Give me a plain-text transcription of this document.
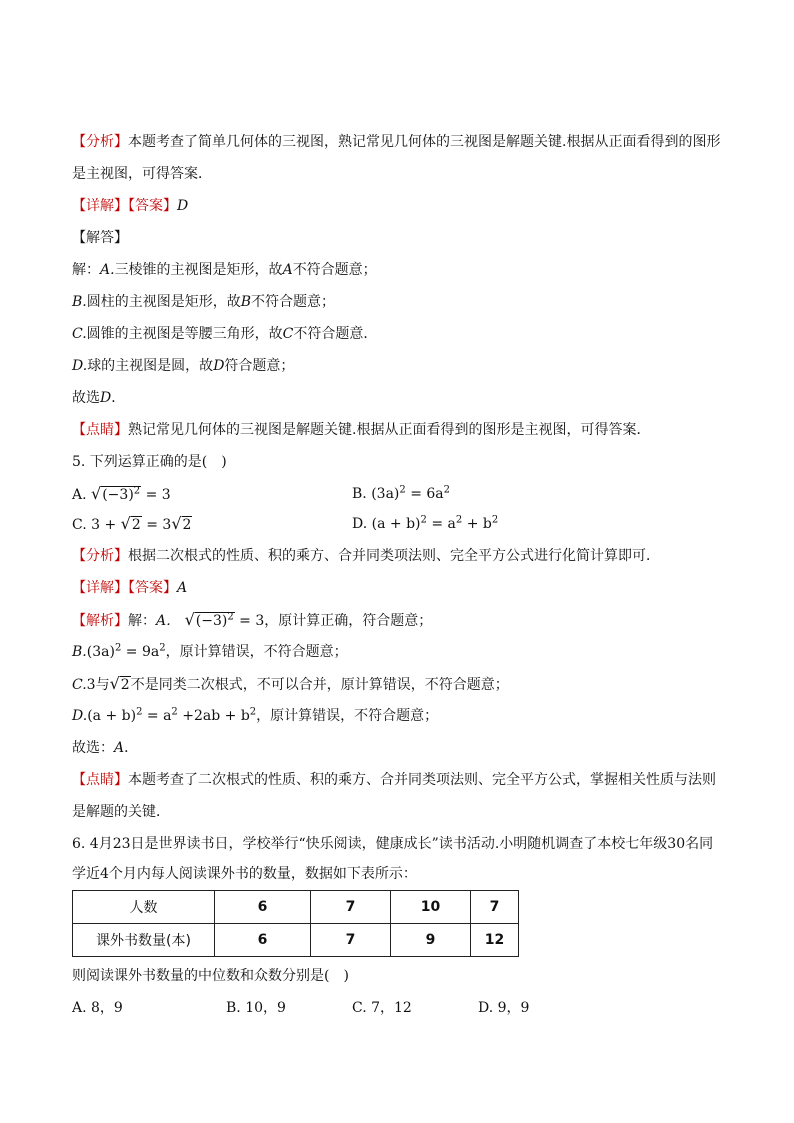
【分析】本题考查了简单几何体的三视图，熟记常见几何体的三视图是解题关键.根据从正面看得到的图形
是主视图，可得答案．
【详解】【答案】D
【解答】
解：A.三棱锥的主视图是矩形，故A不符合题意；
B.圆柱的主视图是矩形，故B不符合题意；
C.圆锥的主视图是等腰三角形，故C不符合题意．
D.球的主视图是圆，故D符合题意；
故选D．
【点睛】熟记常见几何体的三视图是解题关键.根据从正面看得到的图形是主视图，可得答案．
5. 下列运算正确的是(　)
A. $√(-3)^2 = 3$	B. $(3a)^2 = 6a^2$
C. 3 + √2 = 3√2	D. $(a + b)^2 = a^2 + b^2$
【分析】根据二次根式的性质、积的乘方、合并同类项法则、完全平方公式进行化简计算即可．
【详解】【答案】A
【解析】解：A． $√(-3)^2 = 3$，原计算正确，符合题意；
$B.(3a)^2 = 9a^2$，原计算错误，不符合题意；
C.3与√2不是同类二次根式，不可以合并，原计算错误，不符合题意；
$D.(a + b)^2 = a^2 +2ab + b^2$，原计算错误，不符合题意；
故选：A．
【点睛】本题考查了二次根式的性质、积的乘方、合并同类项法则、完全平方公式，掌握相关性质与法则
是解题的关键．
6. 4月23日是世界读书日，学校举行“快乐阅读，健康成长”读书活动.小明随机调查了本校七年级30名同
学近4个月内每人阅读课外书的数量，数据如下表所示：
人数	6	7	10	7
课外书数量(本)	6	7	9	12
则阅读课外书数量的中位数和众数分别是(　)
A. 8，9	B. 10，9	C. 7，12	D. 9，9
